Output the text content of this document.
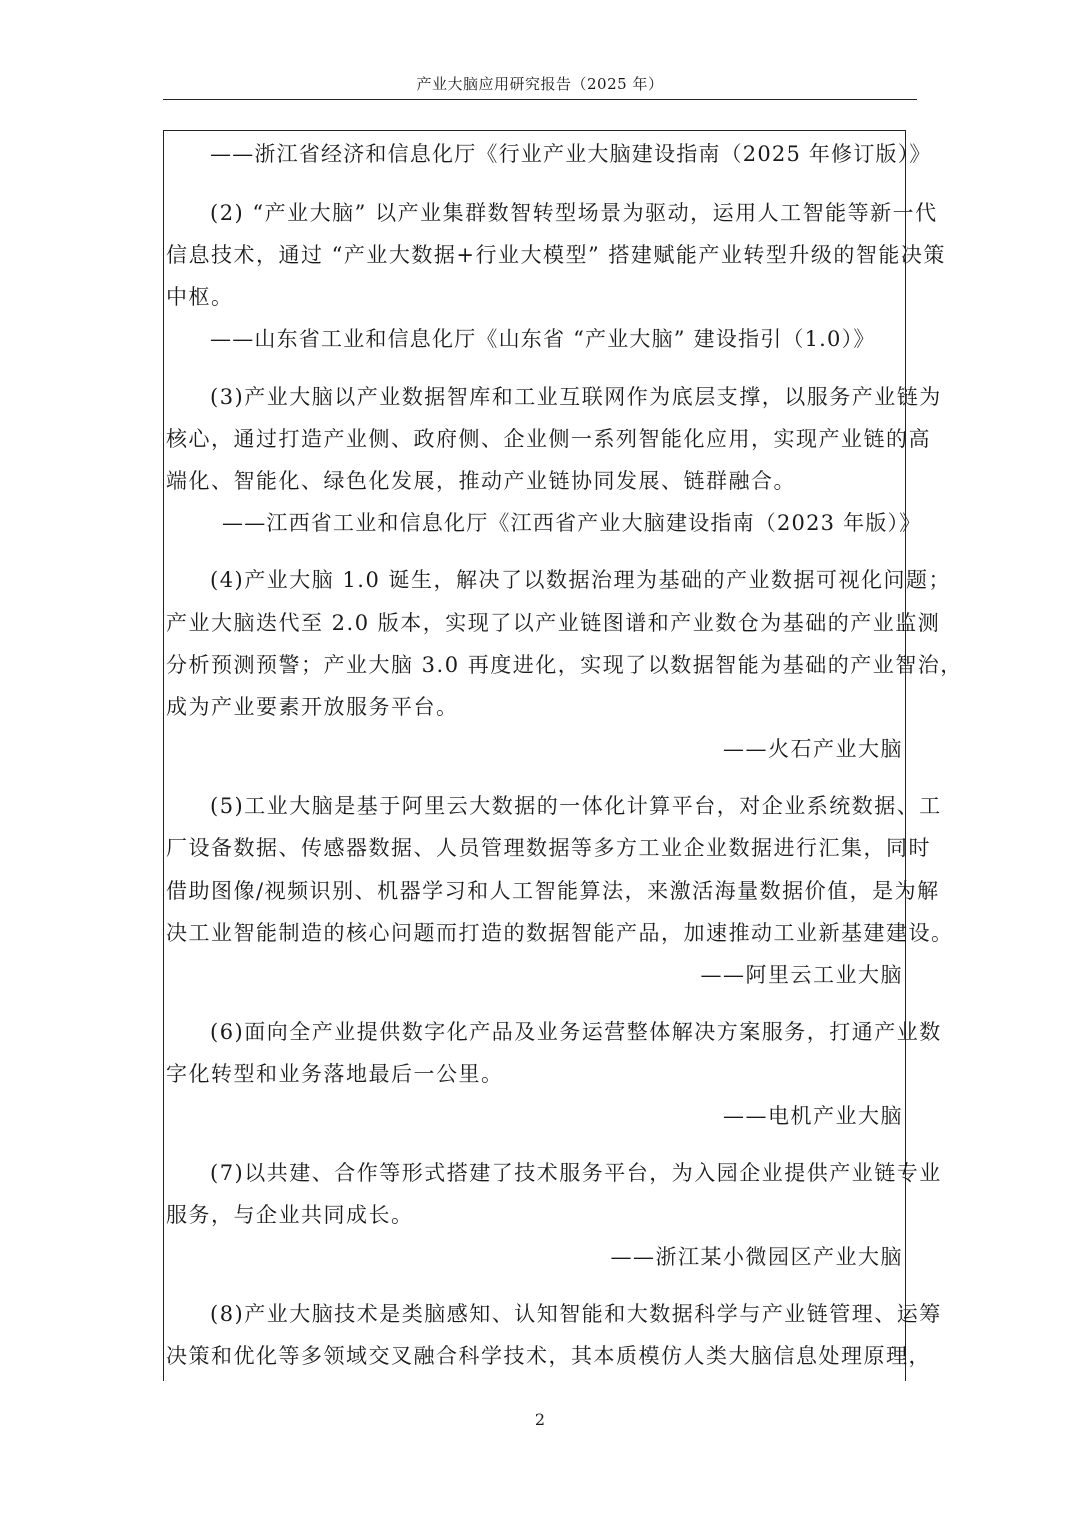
产业大脑应用研究报告（2025 年）
——浙江省经济和信息化厅《行业产业大脑建设指南（2025 年修订版）》
(2) “产业大脑” 以产业集群数智转型场景为驱动，运用人工智能等新一代
信息技术，通过 “产业大数据+行业大模型” 搭建赋能产业转型升级的智能决策
中枢。
——山东省工业和信息化厅《山东省 “产业大脑” 建设指引（1.0）》
(3)产业大脑以产业数据智库和工业互联网作为底层支撑，以服务产业链为
核心，通过打造产业侧、政府侧、企业侧一系列智能化应用，实现产业链的高
端化、智能化、绿色化发展，推动产业链协同发展、链群融合。
——江西省工业和信息化厅《江西省产业大脑建设指南（2023 年版）》
(4)产业大脑 1.0 诞生，解决了以数据治理为基础的产业数据可视化问题；
产业大脑迭代至 2.0 版本，实现了以产业链图谱和产业数仓为基础的产业监测
分析预测预警；产业大脑 3.0 再度进化，实现了以数据智能为基础的产业智治，
成为产业要素开放服务平台。
——火石产业大脑
(5)工业大脑是基于阿里云大数据的一体化计算平台，对企业系统数据、工
厂设备数据、传感器数据、人员管理数据等多方工业企业数据进行汇集，同时
借助图像/视频识别、机器学习和人工智能算法，来激活海量数据价值，是为解
决工业智能制造的核心问题而打造的数据智能产品，加速推动工业新基建建设。
——阿里云工业大脑
(6)面向全产业提供数字化产品及业务运营整体解决方案服务，打通产业数
字化转型和业务落地最后一公里。
——电机产业大脑
(7)以共建、合作等形式搭建了技术服务平台，为入园企业提供产业链专业
服务，与企业共同成长。
——浙江某小微园区产业大脑
(8)产业大脑技术是类脑感知、认知智能和大数据科学与产业链管理、运筹
决策和优化等多领域交叉融合科学技术，其本质模仿人类大脑信息处理原理，
2
